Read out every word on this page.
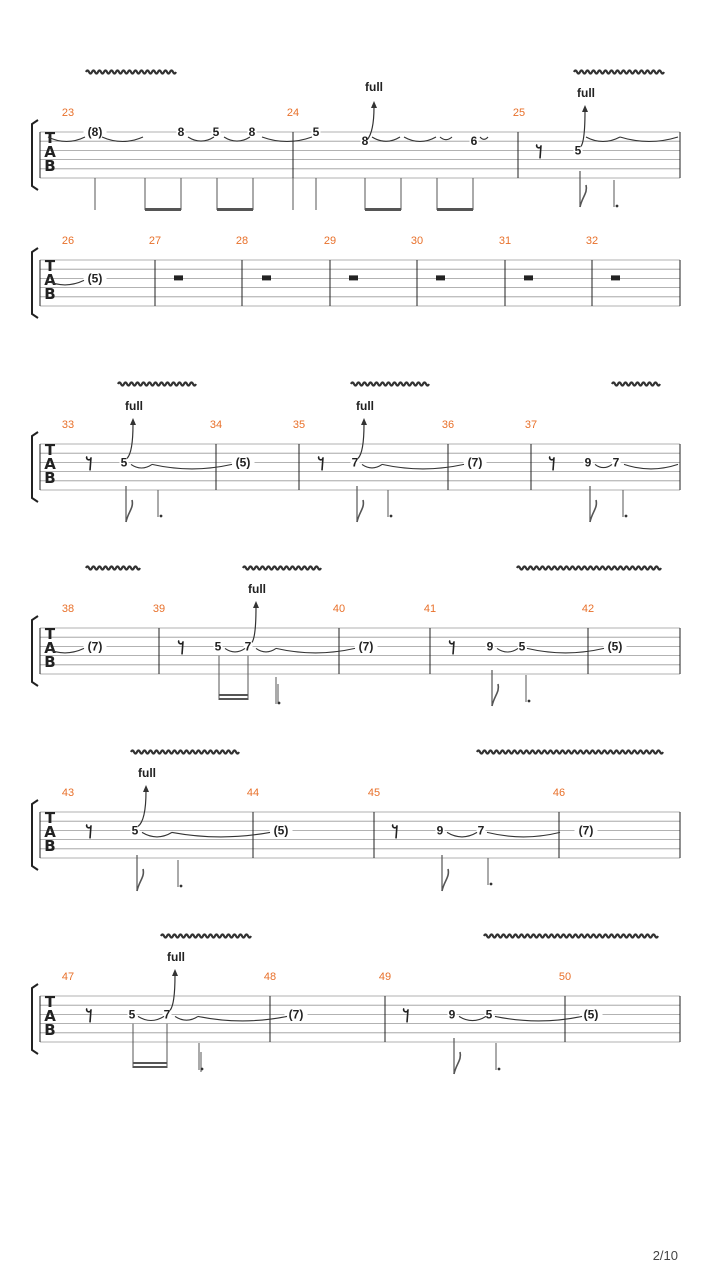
T
A
B
23
(8)	8 5 8
24
5
8	6
25
5
full
T
A
B
26
(5)
27	28	29	30	31	32
T
A
B
33
5
34
(5)
35
7
36
(7)
37
9 7
full	full
T
A
B
38
(7)
39
5 7
40
(7)
41
9 5
42
(5)
full
T
A
B
43
5
44
(5)
45
9	7
46
(7)
full
T
A
B
47
5 7
48
(7)
49
9	5
50
(5)
full
full
2/10
